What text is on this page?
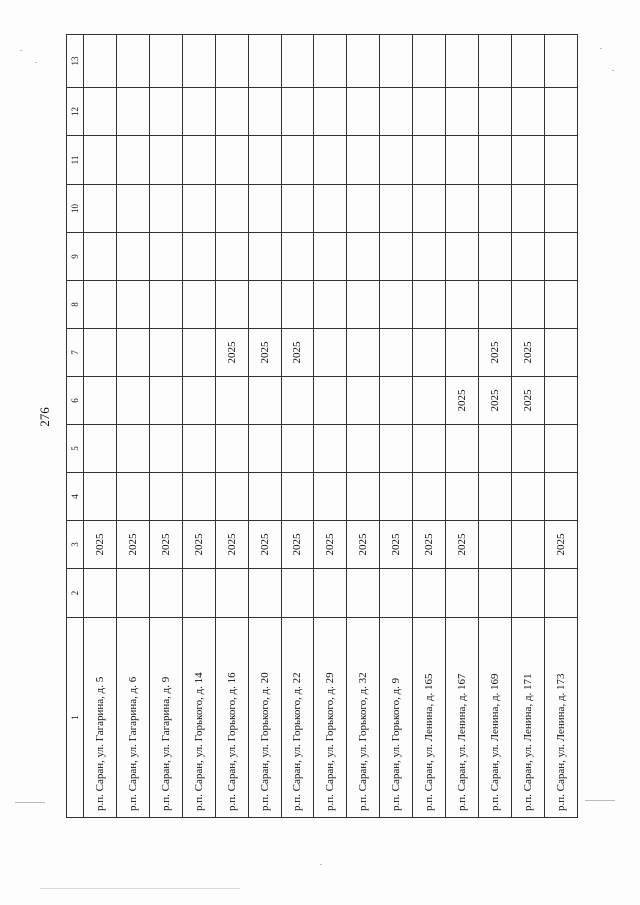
276
1	2	3	4	5	6	7	8	9	10	11	12	13
р.п. Саран, ул. Гагарина, д. 5		2025										
р.п. Саран, ул. Гагарина, д. 6		2025										
р.п. Саран, ул. Гагарина, д. 9		2025										
р.п. Саран, ул. Горького, д. 14		2025										
р.п. Саран, ул. Горького, д. 16		2025				2025						
р.п. Саран, ул. Горького, д. 20		2025				2025						
р.п. Саран, ул. Горького, д. 22		2025				2025						
р.п. Саран, ул. Горького, д. 29		2025										
р.п. Саран, ул. Горького, д. 32		2025										
р.п. Саран, ул. Горького, д. 9		2025										
р.п. Саран, ул. Ленина, д. 165		2025										
р.п. Саран, ул. Ленина, д. 167		2025			2025							
р.п. Саран, ул. Ленина, д. 169					2025	2025						
р.п. Саран, ул. Ленина, д. 171					2025	2025						
р.п. Саран, ул. Ленина, д. 173		2025										
